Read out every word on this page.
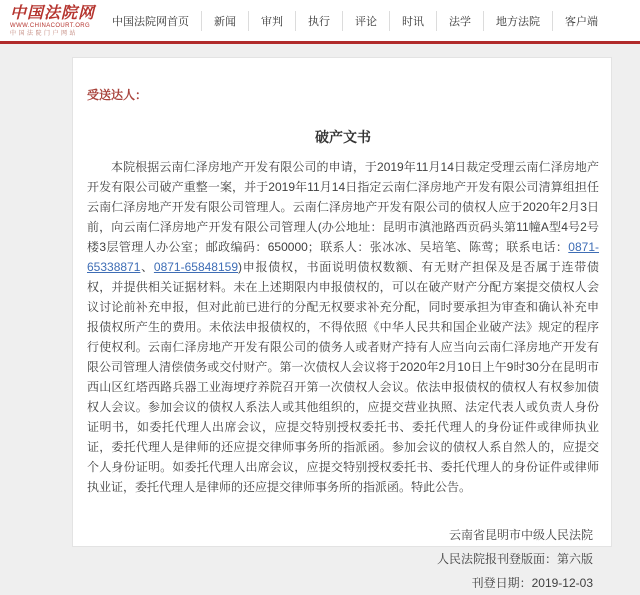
中国法院网
WWW.CHINACOURT.ORG
中国法院门户网站
中国法院网首页	新闻	审判	执行	评论	时讯	法学	地方法院	客户端

受送达人：

破产文书

本院根据云南仁泽房地产开发有限公司的申请，于2019年11月14日裁定受理云南仁泽房地产开发有限公司破产重整一案，并于2019年11月14日指定云南仁泽房地产开发有限公司清算组担任云南仁泽房地产开发有限公司管理人。云南仁泽房地产开发有限公司的债权人应于2020年2月3日前，向云南仁泽房地产开发有限公司管理人(办公地址：昆明市滇池路西贡码头第11幢A型4号2号楼3层管理人办公室；邮政编码：650000；联系人：张冰冰、吴培笔、陈莺；联系电话：0871-65338871、0871-65848159)申报债权，书面说明债权数额、有无财产担保及是否属于连带债权，并提供相关证据材料。未在上述期限内申报债权的，可以在破产财产分配方案提交债权人会议讨论前补充申报，但对此前已进行的分配无权要求补充分配，同时要承担为审查和确认补充申报债权所产生的费用。未依法申报债权的，不得依照《中华人民共和国企业破产法》规定的程序行使权利。云南仁泽房地产开发有限公司的债务人或者财产持有人应当向云南仁泽房地产开发有限公司管理人清偿债务或交付财产。第一次债权人会议将于2020年2月10日上午9时30分在昆明市西山区红塔西路兵器工业海埂疗养院召开第一次债权人会议。依法申报债权的债权人有权参加债权人会议。参加会议的债权人系法人或其他组织的，应提交营业执照、法定代表人或负责人身份证明书，如委托代理人出席会议，应提交特别授权委托书、委托代理人的身份证件或律师执业证，委托代理人是律师的还应提交律师事务所的指派函。参加会议的债权人系自然人的，应提交个人身份证明。如委托代理人出席会议，应提交特别授权委托书、委托代理人的身份证件或律师执业证，委托代理人是律师的还应提交律师事务所的指派函。特此公告。

云南省昆明市中级人民法院
人民法院报刊登版面：第六版
刊登日期：2019-12-03
